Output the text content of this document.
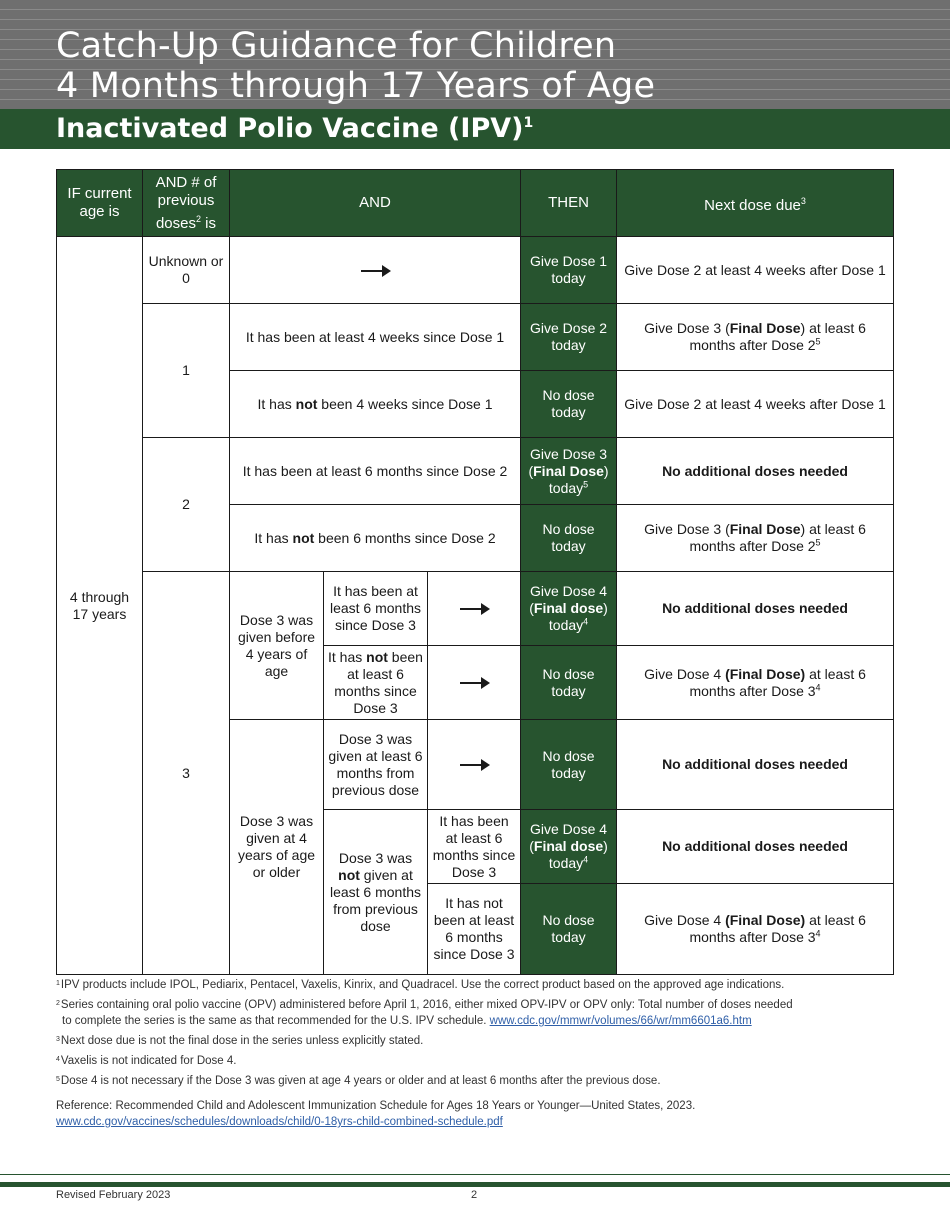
Catch-Up Guidance for Children
4 Months through 17 Years of Age
Inactivated Polio Vaccine (IPV)$^1$
IF current age is	AND # of previous doses$^2$ is	AND			THEN	Next dose due$^3$
4 through 17 years	Unknown or 0				Give Dose 1 today	Give Dose 2 at least 4 weeks after Dose 1
	1	It has been at least 4 weeks since Dose 1			Give Dose 2 today	Give Dose 3 (Final Dose) at least 6 months after Dose $2^5$
		It has not been 4 weeks since Dose 1			No dose today	Give Dose 2 at least 4 weeks after Dose 1
	2	It has been at least 6 months since Dose 2			Give Dose 3 (Final Dose) today$^5$	No additional doses needed
		It has not been 6 months since Dose 2			No dose today	Give Dose 3 (Final Dose) at least 6 months after Dose $2^5$
	3	Dose 3 was given before 4 years of age	It has been at least 6 months since Dose 3		Give Dose 4 (Final dose) today$^4$	No additional doses needed
			It has not been at least 6 months since Dose 3		No dose today	Give Dose 4 (Final Dose) at least 6 months after Dose $3^4$
		Dose 3 was given at 4 years of age or older	Dose 3 was given at least 6 months from previous dose		No dose today	No additional doses needed
			Dose 3 was not given at least 6 months from previous dose	It has been at least 6 months since Dose 3	Give Dose 4 (Final dose) today$^4$	No additional doses needed
				It has not been at least 6 months since Dose 3	No dose today	Give Dose 4 (Final Dose) at least 6 months after Dose $3^4$
$^1$IPV products include IPOL, Pediarix, Pentacel, Vaxelis, Kinrix, and Quadracel. Use the correct product based on the approved age indications.
$^2$Series containing oral polio vaccine (OPV) administered before April 1, 2016, either mixed OPV-IPV or OPV only: Total number of doses needed
to complete the series is the same as that recommended for the U.S. IPV schedule. www.cdc.gov/mmwr/volumes/66/wr/mm6601a6.htm
$^3$Next dose due is not the final dose in the series unless explicitly stated.
$^4$Vaxelis is not indicated for Dose 4.
$^5$Dose 4 is not necessary if the Dose 3 was given at age 4 years or older and at least 6 months after the previous dose.
Reference: Recommended Child and Adolescent Immunization Schedule for Ages 18 Years or Younger—United States, 2023.
www.cdc.gov/vaccines/schedules/downloads/child/0-18yrs-child-combined-schedule.pdf
Revised February 2023	2
